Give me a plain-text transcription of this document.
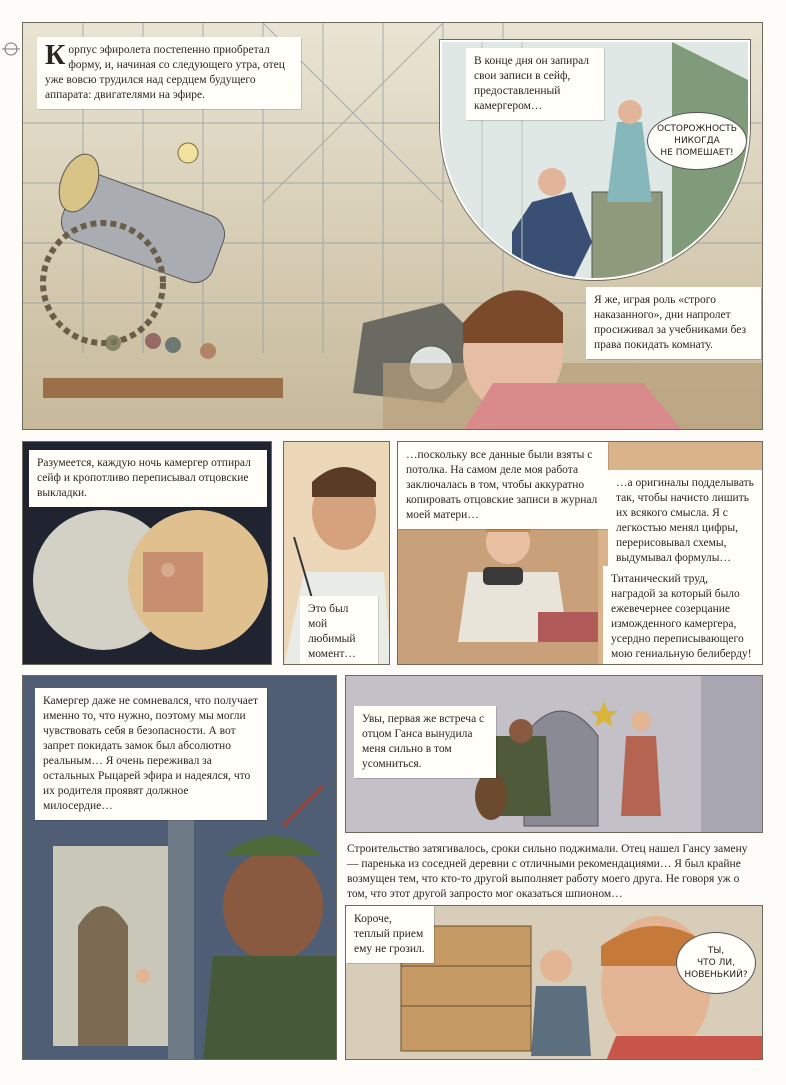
Корпус эфиролета постепенно приобретал форму, и, начиная со следующего утра, отец уже вовсю трудился над сердцем будущего аппарата: двигателями на эфире.
Я же, играя роль «строго наказанного», дни напролет просиживал за учебниками без права покидать комнату.
В конце дня он запирал свои записи в сейф, предоставленный камергером…
ОСТОРОЖНОСТЬ
НИКОГДА
НЕ ПОМЕШАЕТ!
Разумеется, каждую ночь камергер отпирал сейф и кропотливо переписывал отцовские выкладки.
Это был мой любимый момент…
…поскольку все данные были взяты с потолка. На самом деле моя работа заключалась в том, чтобы аккуратно копировать отцовские записи в журнал моей матери…
…а оригиналы подделывать так, чтобы начисто лишить их всякого смысла. Я с легкостью менял цифры, перерисовывал схемы, выдумывал формулы…
Титанический труд, наградой за который было ежевечернее созерцание изможденного камергера, усердно переписывающего мою гениальную белиберду!
Камергер даже не сомневался, что получает именно то, что нужно, поэтому мы могли чувствовать себя в безопасности. А вот запрет покидать замок был абсолютно реальным… Я очень переживал за остальных Рыцарей эфира и надеялся, что их родителя проявят должное милосердие…
Увы, первая же встреча с отцом Ганса вынудила меня сильно в том усомниться.
Строительство затягивалось, сроки сильно поджимали. Отец нашел Гансу замену — паренька из соседней деревни с отличными рекомендациями… Я был крайне возмущен тем, что кто-то другой выполняет работу моего друга. Не говоря уж о том, что этот другой запросто мог оказаться шпионом…
Короче, теплый прием ему не грозил.	ТЫ,
ЧТО ЛИ,
НОВЕНЬКИЙ?
